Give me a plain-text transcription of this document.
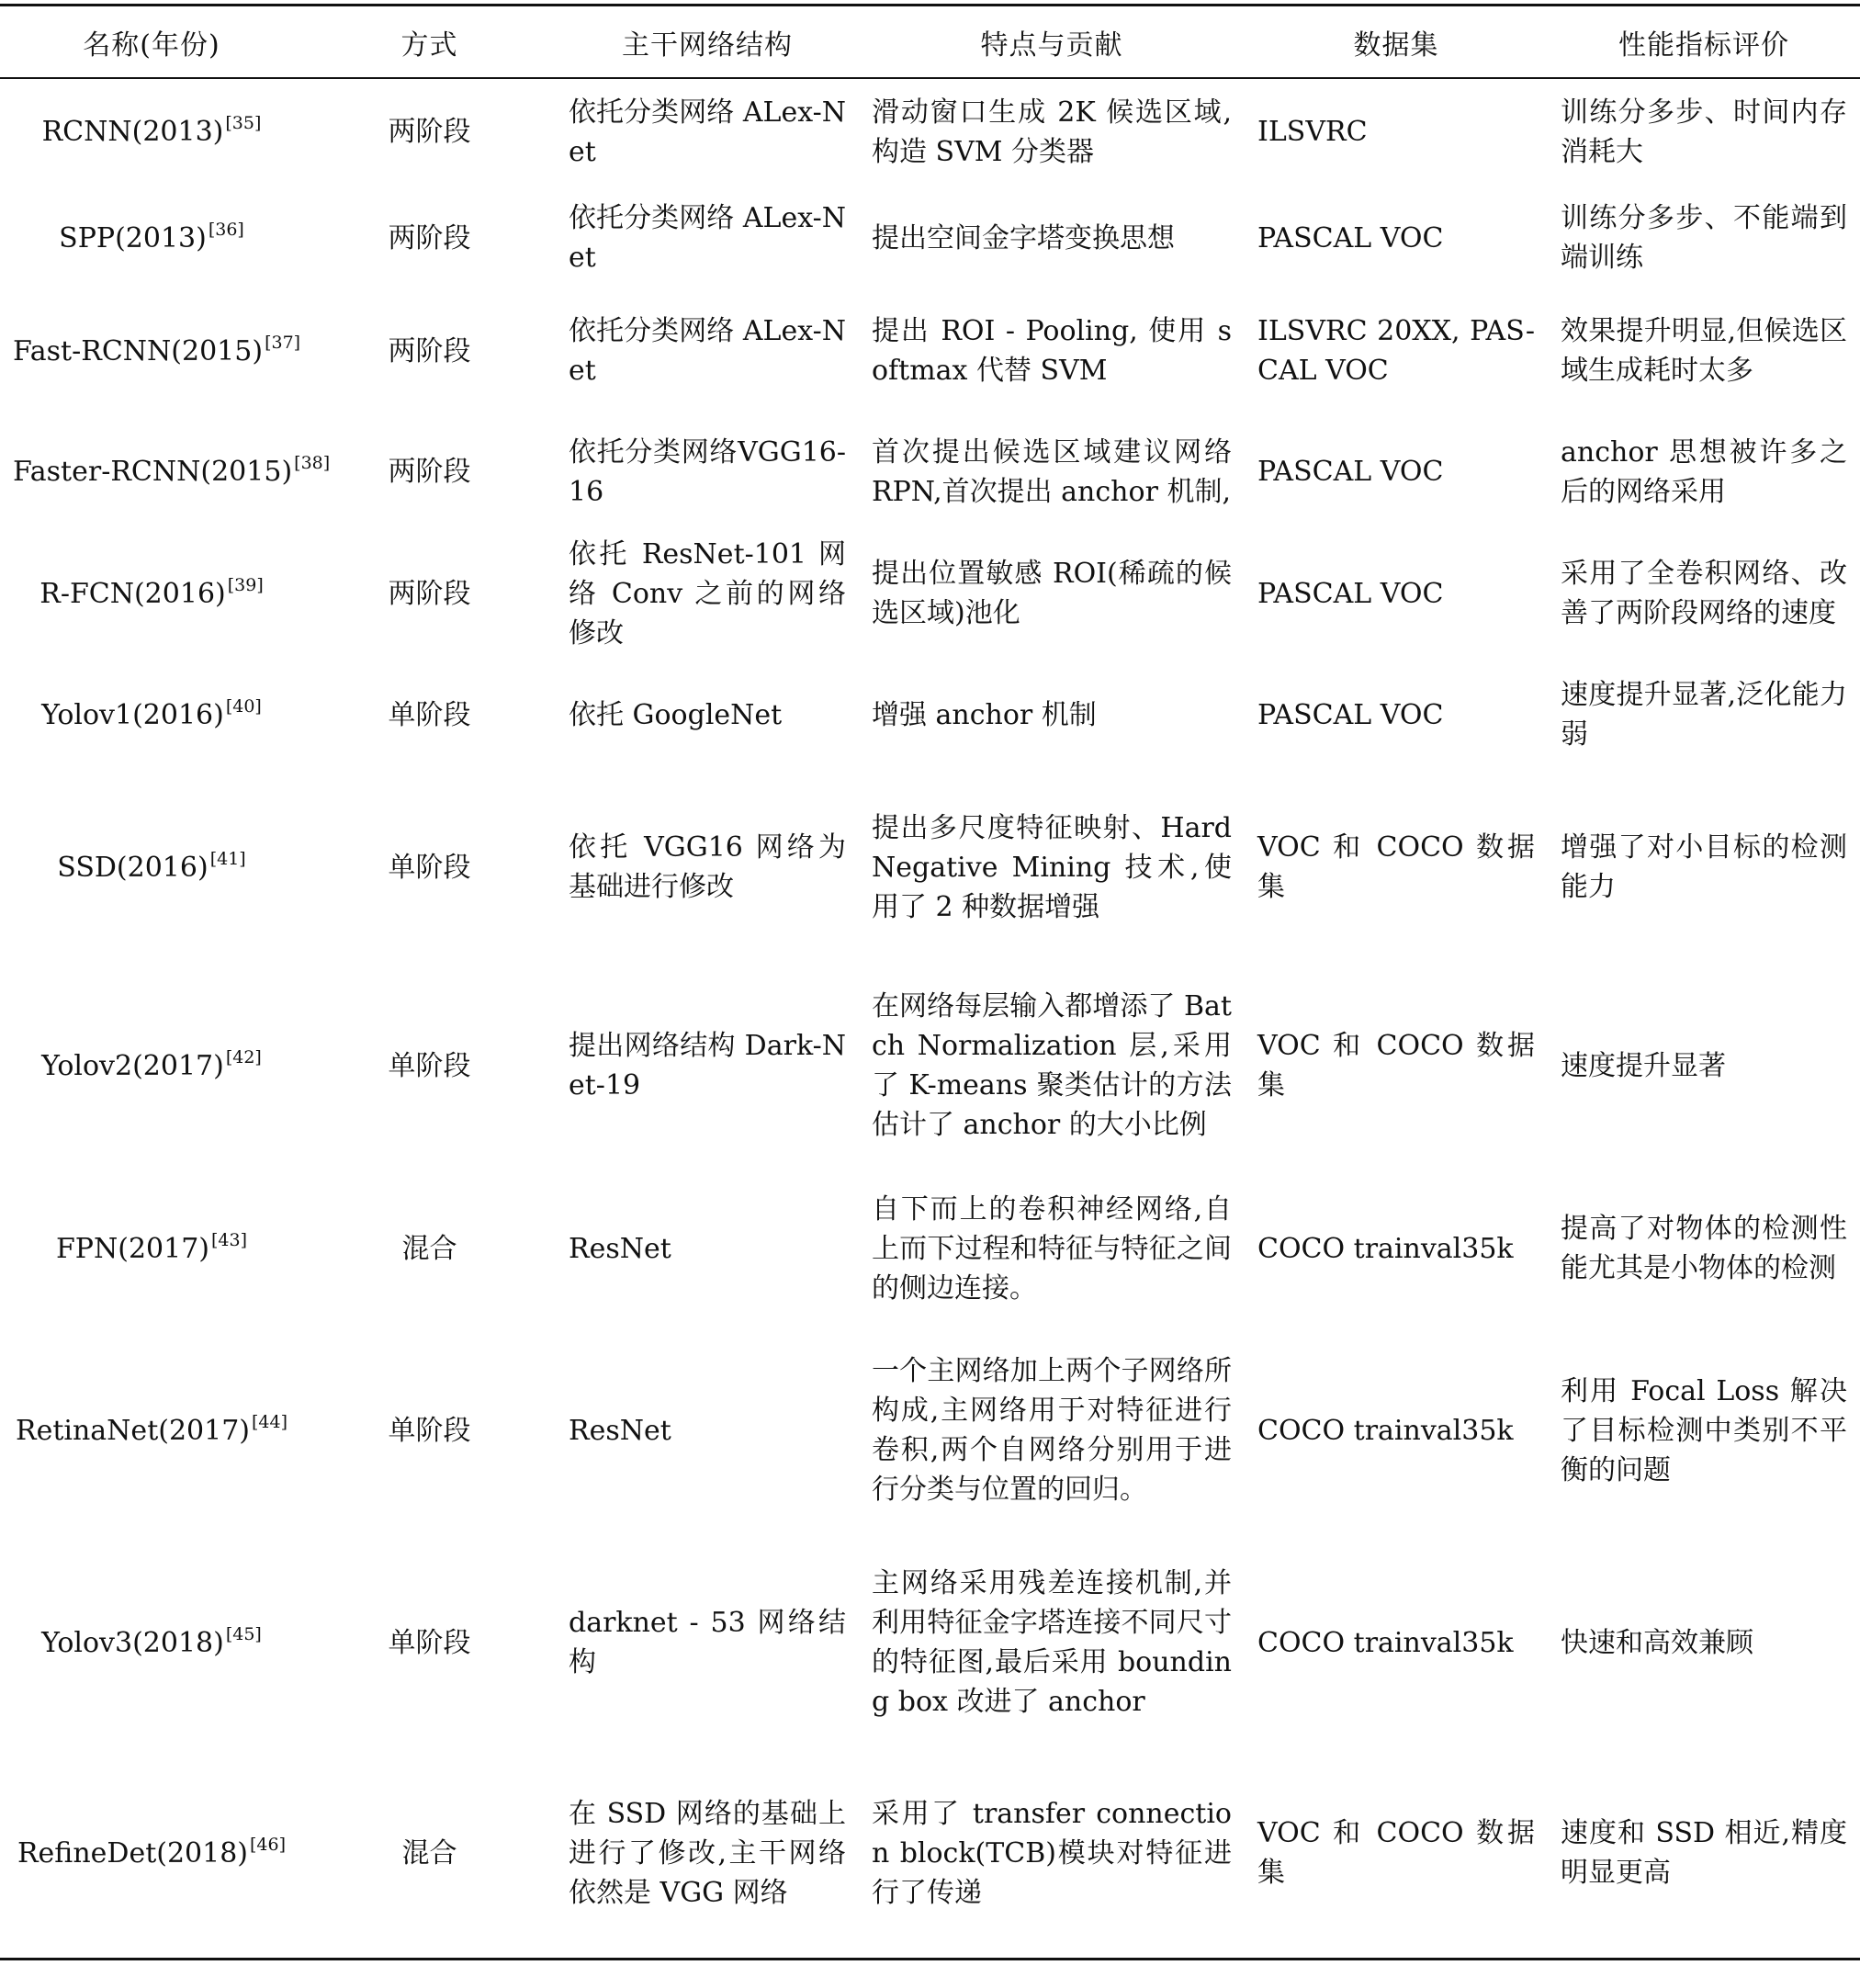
名称(年份)	方式	主干网络结构	特点与贡献	数据集	性能指标评价
RCNN(2013) [35]	两阶段	依托分类网络 ALex-Net	滑动窗口生成 2K 候选区域,构造 SVM 分类器	ILSVRC	训练分多步、时间内存消耗大
SPP(2013) [36]	两阶段	依托分类网络 ALex-Net	提出空间金字塔变换思想	PASCAL VOC	训练分多步、不能端到端训练
Fast-RCNN(2015) [37]	两阶段	依托分类网络 ALex-Net	提出 ROI - Pooling, 使用 softmax 代替 SVM	ILSVRC 20XX, PAS-CAL VOC	效果提升明显,但候选区域生成耗时太多
Faster-RCNN(2015) [38]	两阶段	依托分类网络VGG16-16	首次提出候选区域建议网络 RPN,首次提出 anchor 机制,	PASCAL VOC	anchor 思想被许多之后的网络采用
R-FCN(2016) [39]	两阶段	依托 ResNet-101 网络 Conv 之前的网络修改	提出位置敏感 ROI(稀疏的候选区域)池化	PASCAL VOC	采用了全卷积网络、改善了两阶段网络的速度
Yolov1(2016) [40]	单阶段	依托 GoogleNet	增强 anchor 机制	PASCAL VOC	速度提升显著,泛化能力弱
SSD(2016) [41]	单阶段	依托 VGG16 网络为基础进行修改	提出多尺度特征映射、Hard Negative Mining 技术,使用了 2 种数据增强	VOC 和 COCO 数据集	增强了对小目标的检测能力
Yolov2(2017) [42]	单阶段	提出网络结构 Dark-Net-19	在网络每层输入都增添了 Batch Normalization 层,采用了 K-means 聚类估计的方法估计了 anchor 的大小比例	VOC 和 COCO 数据集	速度提升显著
FPN(2017) [43]	混合	ResNet	自下而上的卷积神经网络,自上而下过程和特征与特征之间的侧边连接。	COCO trainval35k	提高了对物体的检测性能尤其是小物体的检测
RetinaNet(2017) [44]	单阶段	ResNet	一个主网络加上两个子网络所构成,主网络用于对特征进行卷积,两个自网络分别用于进行分类与位置的回归。	COCO trainval35k	利用 Focal Loss 解决了目标检测中类别不平衡的问题
Yolov3(2018) [45]	单阶段	darknet - 53 网络结构	主网络采用残差连接机制,并利用特征金字塔连接不同尺寸的特征图,最后采用 bounding box 改进了 anchor	COCO trainval35k	快速和高效兼顾
RefineDet(2018) [46]	混合	在 SSD 网络的基础上进行了修改,主干网络依然是 VGG 网络	采用了 transfer connection block(TCB)模块对特征进行了传递	VOC 和 COCO 数据集	速度和 SSD 相近,精度明显更高
